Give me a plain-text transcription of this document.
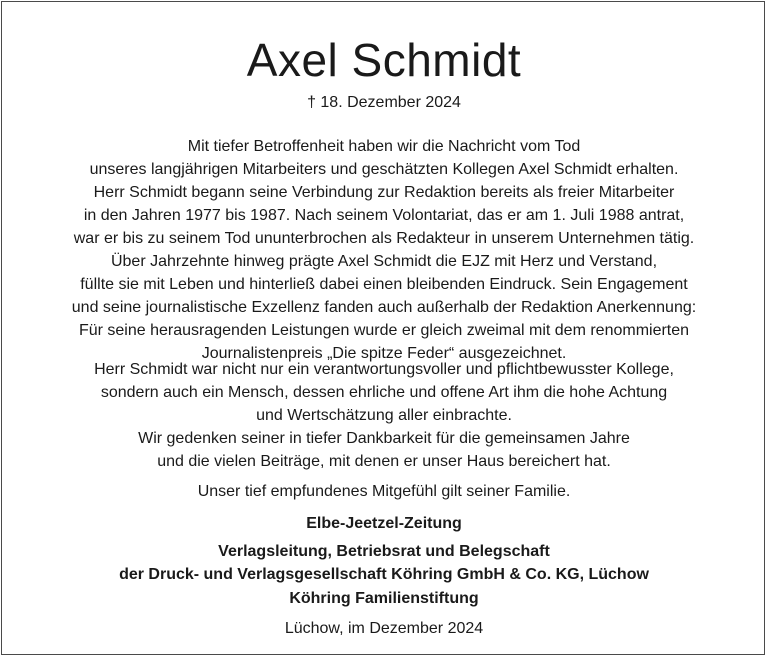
Axel Schmidt
† 18. Dezember 2024
Mit tiefer Betroffenheit haben wir die Nachricht vom Tod
unseres langjährigen Mitarbeiters und geschätzten Kollegen Axel Schmidt erhalten.
Herr Schmidt begann seine Verbindung zur Redaktion bereits als freier Mitarbeiter
in den Jahren 1977 bis 1987. Nach seinem Volontariat, das er am 1. Juli 1988 antrat,
war er bis zu seinem Tod ununterbrochen als Redakteur in unserem Unternehmen tätig.
Über Jahrzehnte hinweg prägte Axel Schmidt die EJZ mit Herz und Verstand,
füllte sie mit Leben und hinterließ dabei einen bleibenden Eindruck. Sein Engagement
und seine journalistische Exzellenz fanden auch außerhalb der Redaktion Anerkennung:
Für seine herausragenden Leistungen wurde er gleich zweimal mit dem renommierten
Journalistenpreis „Die spitze Feder“ ausgezeichnet.
Herr Schmidt war nicht nur ein verantwortungsvoller und pflichtbewusster Kollege,
sondern auch ein Mensch, dessen ehrliche und offene Art ihm die hohe Achtung
und Wertschätzung aller einbrachte.
Wir gedenken seiner in tiefer Dankbarkeit für die gemeinsamen Jahre
und die vielen Beiträge, mit denen er unser Haus bereichert hat.
Unser tief empfundenes Mitgefühl gilt seiner Familie.
Elbe-Jeetzel-Zeitung
Verlagsleitung, Betriebsrat und Belegschaft
der Druck- und Verlagsgesellschaft Köhring GmbH & Co. KG, Lüchow
Köhring Familienstiftung
Lüchow, im Dezember 2024
